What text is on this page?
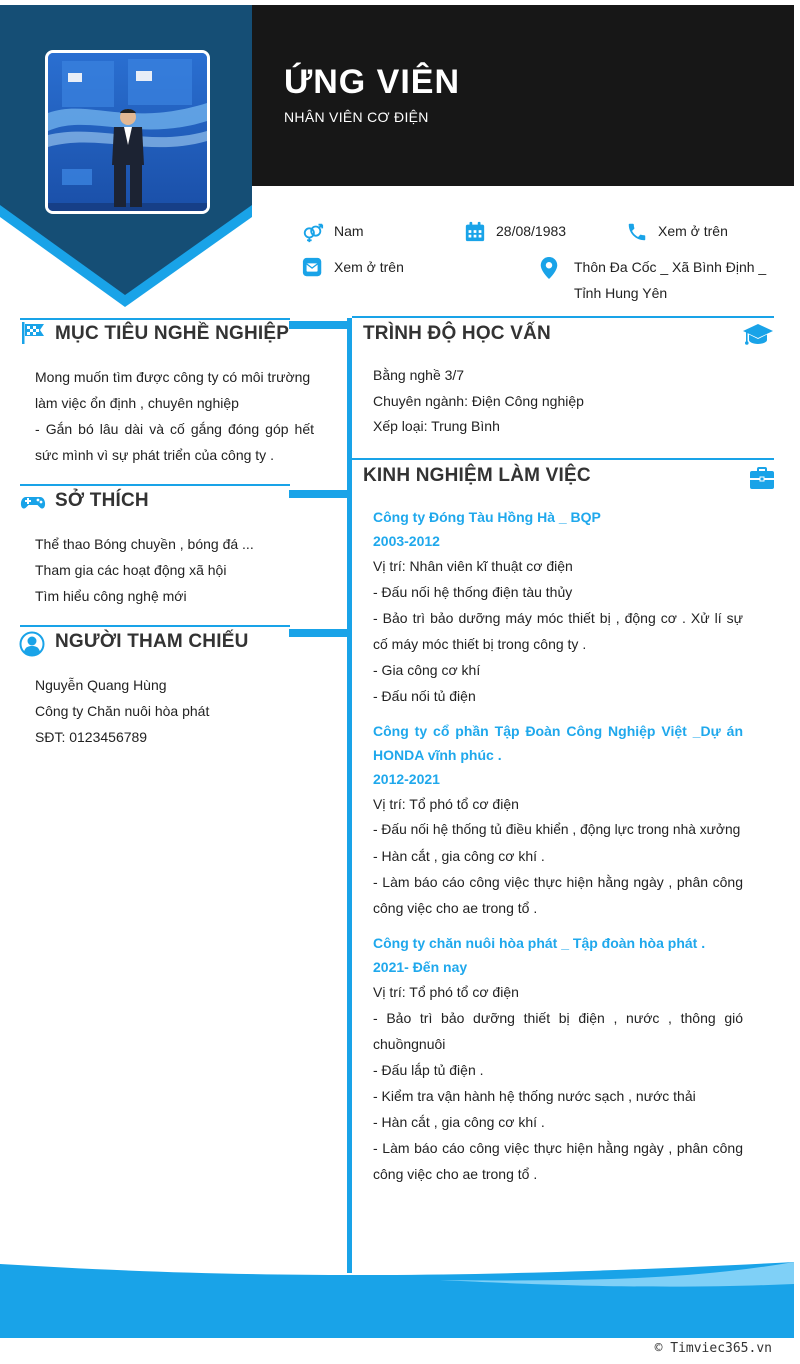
ỨNG VIÊN
NHÂN VIÊN CƠ ĐIỆN
Nam	28/08/1983	Xem ở trên
Xem ở trên	Thôn Đa Cốc _ Xã Bình Định _
Tỉnh Hung Yên
MỤC TIÊU NGHỀ NGHIỆP
Mong muốn tìm được công ty có môi trường
làm việc ổn định , chuyên nghiệp
- Gắn bó lâu dài và cố gắng đóng góp hết
sức mình vì sự phát triển của công ty .
SỞ THÍCH
Thể thao Bóng chuyền , bóng đá ...
Tham gia các hoạt động xã hội
Tìm hiểu công nghệ mới
NGƯỜI THAM CHIẾU
Nguyễn Quang Hùng
Công ty Chăn nuôi hòa phát
SĐT: 0123456789
TRÌNH ĐỘ HỌC VẤN
Bằng nghề 3/7
Chuyên ngành: Điện Công nghiệp
Xếp loại: Trung Bình
KINH NGHIỆM LÀM VIỆC
Công ty Đóng Tàu Hồng Hà _ BQP
2003-2012
Vị trí: Nhân viên kĩ thuật cơ điện
- Đấu nối hệ thống điện tàu thủy
- Bảo trì bảo dưỡng máy móc thiết bị , động cơ . Xử lí sự cố máy móc thiết bị trong công ty .
- Gia công cơ khí
- Đấu nối tủ điện
Công ty cổ phần Tập Đoàn Công Nghiệp Việt _Dự án HONDA vĩnh phúc .
2012-2021
Vị trí: Tổ phó tổ cơ điện
- Đấu nối hệ thống tủ điều khiển , động lực trong nhà xưởng
- Hàn cắt , gia công cơ khí .
- Làm báo cáo công việc thực hiện hằng ngày , phân công công việc cho ae trong tổ .
Công ty chăn nuôi hòa phát _ Tập đoàn hòa phát .
2021- Đến nay
Vị trí: Tổ phó tổ cơ điện
- Bảo trì bảo dưỡng thiết bị điện , nước , thông gió chuồngnuôi
- Đấu lắp tủ điện .
- Kiểm tra vận hành hệ thống nước sạch , nước thải
- Hàn cắt , gia công cơ khí .
- Làm báo cáo công việc thực hiện hằng ngày , phân công công việc cho ae trong tổ .
© Timviec365.vn
